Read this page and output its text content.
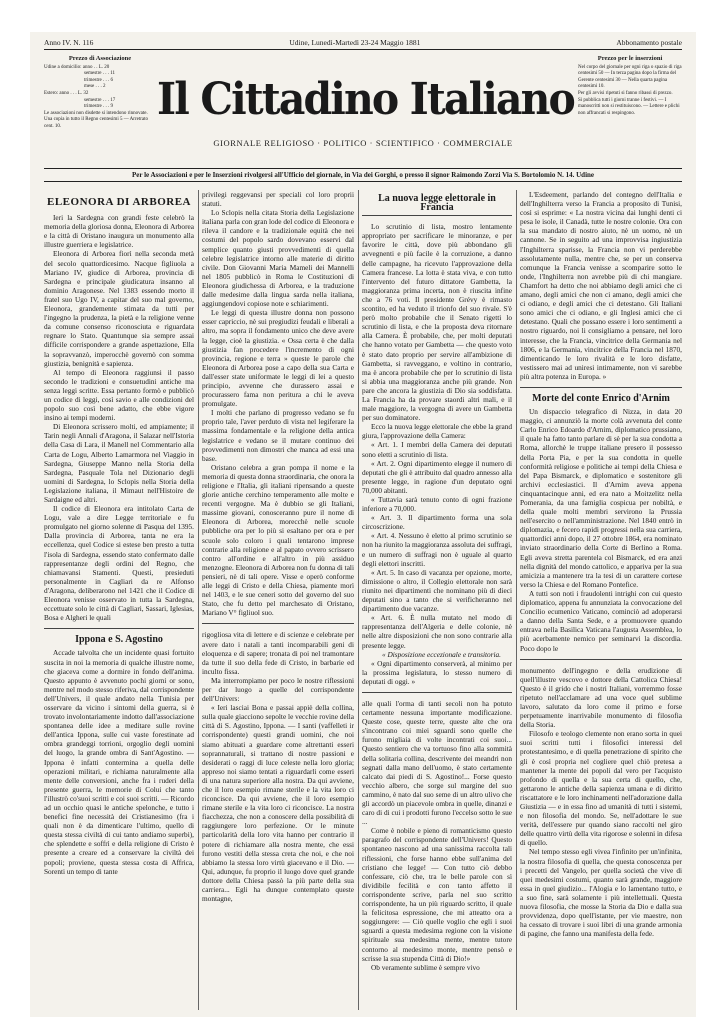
Anno IV. N. 116	Udine, Lunedì-Martedì 23-24 Maggio 1881	Abbonamento postale
Prezzo di Associazione
Udine a domicilio: anno . . L. 20
semestre . . . 11
trimestre . . . 6
mese . . . 2
Estero: anno . . . L. 32
semestre . . . 17
trimestre . . . 9
Le associazioni non disdette si intendono rinnovate.
Una copia in tutto il Regno centesimi 5 — Arretrato cent. 10.
Il Cittadino Italiano
GIORNALE RELIGIOSO · POLITICO · SCIENTIFICO · COMMERCIALE
Prezzo per le inserzioni
Nel corpo del giornale per ogni riga o spazio di riga centesimi 50 — In terza pagina dopo la firma del Gerente centesimi 30 — Nella quarta pagina centesimi 10.
Per gli avvisi ripetuti si fanno ribassi di prezzo.
Si pubblica tutti i giorni tranne i festivi. — I manoscritti non si restituiscono. — Lettere e plichi non affrancati si respingono.
Per le Associazioni e per le Inserzioni rivolgersi all'Ufficio del giornale, in Via dei Gorghi, o presso il signor Raimondo Zorzi Via S. Bortolomio N. 14. Udine
ELEONORA DI ARBOREA

Ieri la Sardegna con grandi feste celebrò la memoria della gloriosa donna, Eleonora di Arborea e la città di Oristano inaugura un monumento alla illustre guerriera e legislatrice.

Eleonora di Arborea fiorì nella seconda metà del secolo quattordicesimo. Nacque figliuola a Mariano IV, giudice di Arborea, provincia di Sardegna e principale giudicatura insanno al dominio Aragonese. Nel 1383 essendo morto il fratel suo Ugo IV, a capitar del suo mal governo, Eleonora, grandemente stimata da tutti per l'ingegno la prudenza, la pietà e la religione venne da comune consenso riconosciuta e riguardata regnare lo Stato. Quantunque sia sempre assai difficile corrispondere a grande aspettazione, Ella la sopravvanzò, imperocchè governò con somma giustizia, benignità e sapienza.

Al tempo di Eleonora raggiunsi il passo secondo le tradizioni e consuetudini antiche ma senza leggi scritte. Essa pertanto formò e pubblicò un codice di leggi, così savio e alle condizioni del popolo suo così bene adatto, che ebbe vigore insino ai tempi moderni.

Di Eleonora scrissero molti, ed ampiamente; il Tarin negli Annali d'Aragona, il Salazar nell'Istoria della Casa di Lara, il Manell nel Commentario alla Carta de Logu, Alberto Lamarmora nel Viaggio in Sardegna, Giuseppe Manno nella Storia della Sardegna, Pasquale Tola nel Dizionario degli uomini di Sardegna, lo Sclopis nella Storia della Legislazione italiana, il Mimaut nell'Histoire de Sardaigne ed altri.

Il codice di Eleonora era intitolato Carta de Logu, vale a dire Legge territoriale e fu promulgato nel giorno solenne di Pasqua del 1395. Dalla provincia di Arborea, tanta ne era la eccellenza, quel Codice si estese ben presto a tutta l'isola di Sardegna, essendo stato confermato dalle rappresentanze degli ordini del Regno, che chiamavansi Stamenti. Questi, presieduti personalmente in Cagliari da re Alfonso d'Aragona, deliberarono nel 1421 che il Codice di Eleonora venisse osservato in tutta la Sardegna, eccettuate solo le città di Cagliari, Sassari, Iglesias, Bosa e Algheri le quali

Ippona e S. Agostino

Accade talvolta che un incidente quasi fortuito suscita in noi la memoria di qualche illustre nome, che giaceva come a dormire in fondo dell'anima. Questo appunto è avvenuto pochi giorni or sono, mentre nel modo stesso riferiva, dal corrispondente dell'Univers, il quale andato nella Tunisia per osservare da vicino i sintomi della guerra, si è trovato involontariamente indotto dall'associazione spontanea delle idee a meditare sulle rovine dell'antica Ippona, sulle cui vaste forestinate ad ombra grandeggi torrioni, orgoglio degli uomini del luogo, la grande ombra di Sant'Agostino. — Ippona è infatti contermina a quella delle operazioni militari, e richiama naturalmente alla mente delle conversioni, anche fra i ruderi della presente guerra, le memorie di Colui che tanto l'illustrò co'suoi scritti e coi suoi scritti. — Ricordo ad un occhio quasi le antiche spelonche, e tutto i benefici fine necessità dei Cristianesimo (fra i quali non è da dimenticare l'ultimo, quello di questa stessa civiltà di cui tanto andiamo superbi), che splendette e soffrì e della religione di Cristo è presente a creare ed a conservare la civiltà dei popoli; proviene, questa stessa costa di Affrica, Sorenti un tempo di tante

privilegi reggevansi per speciali col loro proprii statuti.

Lo Sclopis nella citata Storia della Legislazione italiana parla con gran lode del codice di Eleonora e rileva il candore e la tradizionale equità che nei costumi del popolo sardo dovevano esservi dal semplice quanto giusti provvedimenti di quella celebre legislatrice intorno alle materie di diritto civile. Don Giovanni Maria Mameli dei Mannelli nel 1805 pubblicò in Roma le Costituzioni di Eleonora giudichessa di Arborea, e la traduzione dalle medesime dalla lingua sarda nella italiana, aggiungendovi copiose note e schiarimenti.

Le leggi di questa illustre donna non possono esser capriccio, nè sui pregiudizi feudali e liberali a altro, ma sopra il fondamento unico che deve avere la legge, cioè la giustizia. « Ossa certa è che dalla giustizia fan procedere l'incremento di ogni provincia, regione e terra » queste le parole che Eleonora di Arborea pose a capo della sua Carta e dall'esser state uniformate le leggi di lei a questo principio, avvenne che durassero assai e procurassero fama non peritura a chi le aveva promulgate.

I molti che parlano di progresso vedano se fu proprio tale, l'aver perduto di vista nel legiferare la massima fondamentale e la religione della antica legislatrice e vedano se il mutare continuo dei provvedimenti non dimostri che manca ad essi una base.

Oristano celebra a gran pompa il nome e la memoria di questa donna straordinaria, che onora la religione e l'Italia, gli italiani ripensando a queste glorie antiche cerchino temperamento alle molte e recenti vergogne. Ma è dubbio se gli Italiani, massime giovani, conosceranno pure il nome di Eleonora di Arborea, morecchè nelle scuole pubbliche ora per lo più si esaltano per ora e per scuole solo coloro i quali tentarono imprese contrarie alla religione e al papato ovvero scrissero contro all'ordine e all'altro in più assiduo menzogne. Eleonora di Arborea non fu donna di tali pensieri, nè di tali opere. Visse e operò conforme alle leggi di Cristo e della Chiesa, piamente morì nel 1403, e le sue ceneri sotto del governo del suo Stato, che fu detto pel marchesato di Oristano, Mariano V° figliuol suo.

rigogliosa vita di lettere e di scienze e celebrate per avere dato i natali a tanti incomparabili geni di eloquenza e di sapere; tronata di poi nel tramontare da tutte il suo della fede di Cristo, in barbarie ed inculto fissa.

Ma interrompiamo per poco le nostre riflessioni per dar luogo a quelle del corrispondente dell'Univers:

« Ieri lasciai Bona e passai appiè della collina, sulla quale giacciono sepolte le vecchie rovine della città di S. Agostino, Ippona. — I santi (vaffelleti ir corrispondente) questi grandi uomini, che noi siamo abituati a guardare come altrettanti esseri soprannaturali, si trattano di nostre passioni e desiderati o raggi di luce celeste nella loro gloria; appreso noi siamo tentati a riguardarli come esseri di una natura superiore alla nostra. Da qui avviene, che il loro esempio rimane sterile e la vita loro ci riconcisce. Da qui avviene, che il loro esempio rimane sterile e la vita loro ci riconcisce. La nostra fiacchezza, che non a conoscere della possibilità di raggiungere loro perfezione. Or le minute particolarità della loro vita hanno per contrario il potere di richiamare alla nostra mente, che essi furono vestiti della stessa creta che noi, e che noi abbiamo la stessa loro virtù giacevano e il Dio. — Qui, adunque, fu proprio il luogo dove quel grande dottore della Chiesa passò la più parte della sua carriera... Egli ha dunque contemplato queste montagne,

La nuova legge elettorale in Francia

Lo scrutinio di lista, mostro lentamente appropriato per sacrificare le minoranze, e per favorire le città, dove più abbondano gli avvegnenti e più facile è la corruzione, a danno delle campagne, ha ricevuto l'approvazione della Camera francese. La lotta è stata viva, e con tutto l'intervento del futuro dittatore Gambetta, la maggioranza prima incerta, non è riuscita infine che a 76 voti. Il presidente Grévy è rimasto scontito, ed ha veduto il trionfo del suo rivale. S'è però molto probabile che il Senato rigetti lo scrutinio di lista, e che la proposta deva ritornare alla Camera. È probabile, che, per molti deputati che hanno votato per Gambetta — che questo voto è stato dato proprio per servire all'ambizione di Gambetta, si ravveggano, e voltino in contrario, ma è ancora probabile che per lo scrutinio di lista si abbia una maggioranza anche più grande. Non pare che ancora la giustizia di Dio sia soddisfatta. La Francia ha da provare staordi altri mali, e il male maggiore, la vergogna di avere un Gambetta per suo dominatore.

Ecco la nuova legge elettorale che ebbe la grand giura, l'approvazione della Camera:

« Art. 1. I membri della Camera dei deputati sono eletti a scrutinio di lista.

« Art. 2. Ogni dipartimento elegge il numero di deputati che gli è attribuito dal quadro annesso alla presente legge, in ragione d'un deputato ogni 70,000 abitanti.

« Tuttavia sarà tenuto conto di ogni frazione inferiore a 70,000.

« Art. 3. Il dipartimento forma una sola circoscrizione.

« Art. 4. Nessuno è eletto al primo scrutinio se non ha riunito la maggioranza assoluta dei suffragi, e un numero di suffragi non è uguale al quarto degli elettori inscritti.

« Art. 5. In caso di vacanza per opzione, morte, dimissione o altro, il Collegio elettorale non sarà riunito nei dipartimenti che nominano più di dieci deputati sino a tanto che si verificheranno nel dipartimento due vacanze.

« Art. 6. È nulla mutato nel modo di rappresentanza dell'Algeria e delle colonie, nè nelle altre disposizioni che non sono contrarie alla presente legge.

« Disposizione eccezionale e transitoria.

« Ogni dipartimento conserverà, al minimo per la prossima legislatura, lo stesso numero di deputati di oggi. »

alle quali l'orma di tanti secoli non ha potuto certamente nessuna importante modificazione. Queste cose, queste terre, queste alte che ora s'incontrano coi miei sguardi sono quelle che furono migliaia di volte incontrati coi suoi... Questo sentiero che va tortuoso fino alla sommità della solitaria collina, descrivente dei meandri non segnati dalla mano dell'uomo, è stato certamente calcato dai piedi di S. Agostino!... Forse questo vecchio albero, che sorge sul margine del suo cammino, è nato dal suo seme di un altro ulivo che gli accordò un piacevole ombra in quelle, dinanzi e caro di di cui i prodotti furono l'eccelso sotto le sue ...

Come è nobile e pieno di romanticismo questo paragrafo del corrispondente dell'Univers! Questo spontaneo nascono ad una sanissima raccolta tali riflessioni, che forse hanno ebbe sull'anima del cristiano che legge! — Con tutto ciò debbo confessare, ciò che, tra le belle parole con sì dividibile fecilità e con tanto affetto il corrispondente scrive, parla nel suo scritto corrispondente, ha un più riguardo scritto, il quale la felicitosa espressione, che mi atteatto ora a soggiungere: — Ciò quelle voglio che egli i suoi sguardi a questa medesima regione con la visione spirituale sua medesima mente, mentre tutore contorno al medesimo monte, mentre pensò e scrisse la sua stupenda Città di Dio!»

Ob veramente sublime è sempre vivo

L'Esdeement, parlando del contegno dell'Italia e dell'Inghilterra verso la Francia a proposito di Tunisi, così si esprime: « La nostra vicina dai lunghi denti ci pesa le isole, il Canadà, tutte le nostre colonie. Ora con la sua mandato di nostro aiuto, nè un uomo, nè un cannone. Se in seguito ad una improvvisa ingiustizia l'Inghilterra sparisse, la Francia non vi perderebbe assolutamente nulla, mentre che, se per un conserva comunque la Francia venisse a scomparire sotto le onde, l'Inghilterra non avrebbe più di chi mangiare. Chamfort ha detto che noi abbiamo degli amici che ci amano, degli amici che non ci amano, degli amici che ci odiano, e degli amici che ci detestano. Gli Italiani sono amici che ci odiano, e gli Inglesi amici che ci detestano. Quali che possano essere i loro sentimenti a nostro riguardo, noi li consigliamo a pensare, nel loro interesse, che la Francia, vincitrice della Germania nel 1806, e la Germania, vincitrice della Francia nel 1870, dimenticando le loro rivalità e le loro disfatte, vestissero mai ad uniresi intimamente, non vi sarebbe più altra potenza in Europa. »

Morte del conte Enrico d'Arnim

Un dispaccio telegrafico di Nizza, in data 20 maggio, ci annunziò la morte colà avvenuta del conte Carlo Enrico Edoardo d'Arnim, diplomatico prussiano, il quale ha fatto tanto parlare di sè per la sua condotta a Roma, allorchè le truppe italiane presero il possesso della Porta Pia, e per la sua condotta in quelle conformità religiose e politiche ai tempi della Chiesa e del Papa Bismarck, e diplomatico e sostenitore gli archivi ecclesiastici. Il d'Arnim aveva appena cinquantacinque anni, ed era nato a Moitzelitz nella Pomerania, da una famiglia cospicua per nobiltà, e della quale molti membri servirono la Prussia nell'esercito o nell'amministrazione. Nel 1840 entrò in diplomazia, e fecero rapidi progressi nella sua carriera, quattordici anni dopo, il 27 ottobre 1864, era nominato inviato straordinario della Corte di Berlino a Roma. Egli aveva stretta parentela col Bismarck, ed era anzi nella dignità del mondo cattolico, e appariva per la sua amicizia a mantenere tra la tesi di un carattere cortese verso la Chiesa e del Romano Pontefice.

A tutti son noti i fraudolenti intrighi con cui questo diplomatico, appena fu annunziata la convocazione del Concilio ecumenico Vaticano, cominciò ad adoperarsi a danno della Santa Sede, e a promuovere quando entrava nella Basilica Vaticana l'augusta Assemblea, lo più acerbamente nemico per seminarvi la discordia. Poco dopo le

monumento dell'ingegno e della erudizione di quell'illustre vescovo e dottore della Cattolica Chiesa! Questo è il grido che i nostri Italiani, vorremmo fosse ripetuto nell'acclamare ad una voce quel sublime lavoro, salutato da loro come il primo e forse perpetuamente inarrivabile monumento di filosofia della Storia.

Filosofo e teologo clemente non erano sorta in quei suoi scritti tutti i filosofici interessi del protestantesimo, e di quella penetrazione di spirito che gli è così propria nel cogliere quel chiò pretesa a mantener la mente dei popoli dal vero per l'acquisto profondo di quella e la sua certa di quello, che, gettarono le antiche della sapienza umana e di diritto riscattatore e le loro inchinamenti nell'adorazione dalla Giustizia — e in essa fino ad umanità di tutti i sistemi, e non filosofia del mondo. Se, nell'adottare le sue verità, dell'essere pur quando siano raccolti nel giro delle quattro virtù della vita rigorose e solenni in difesa di quello.

Nel tempo stesso egli vivea l'infinito per un'infinita, la nostra filosofia di quella, che questa conoscenza per i precetti del Vangelo, per quella società che vive di quei medesimi costumi, quanto sarà grande, maggiore essa in quel giudizio... l'Alogia e lo lamentano tutto, e a suo fine, sarà solamente i più intellettuali. Questa nuova filosofia, che mosse la Storia da Dio e dalla sua provvidenza, dopo quell'istante, per vie maestre, non ha cessato di trovare i suoi libri di una grande armonia di pagine, che fanno una manifesta della fede.
